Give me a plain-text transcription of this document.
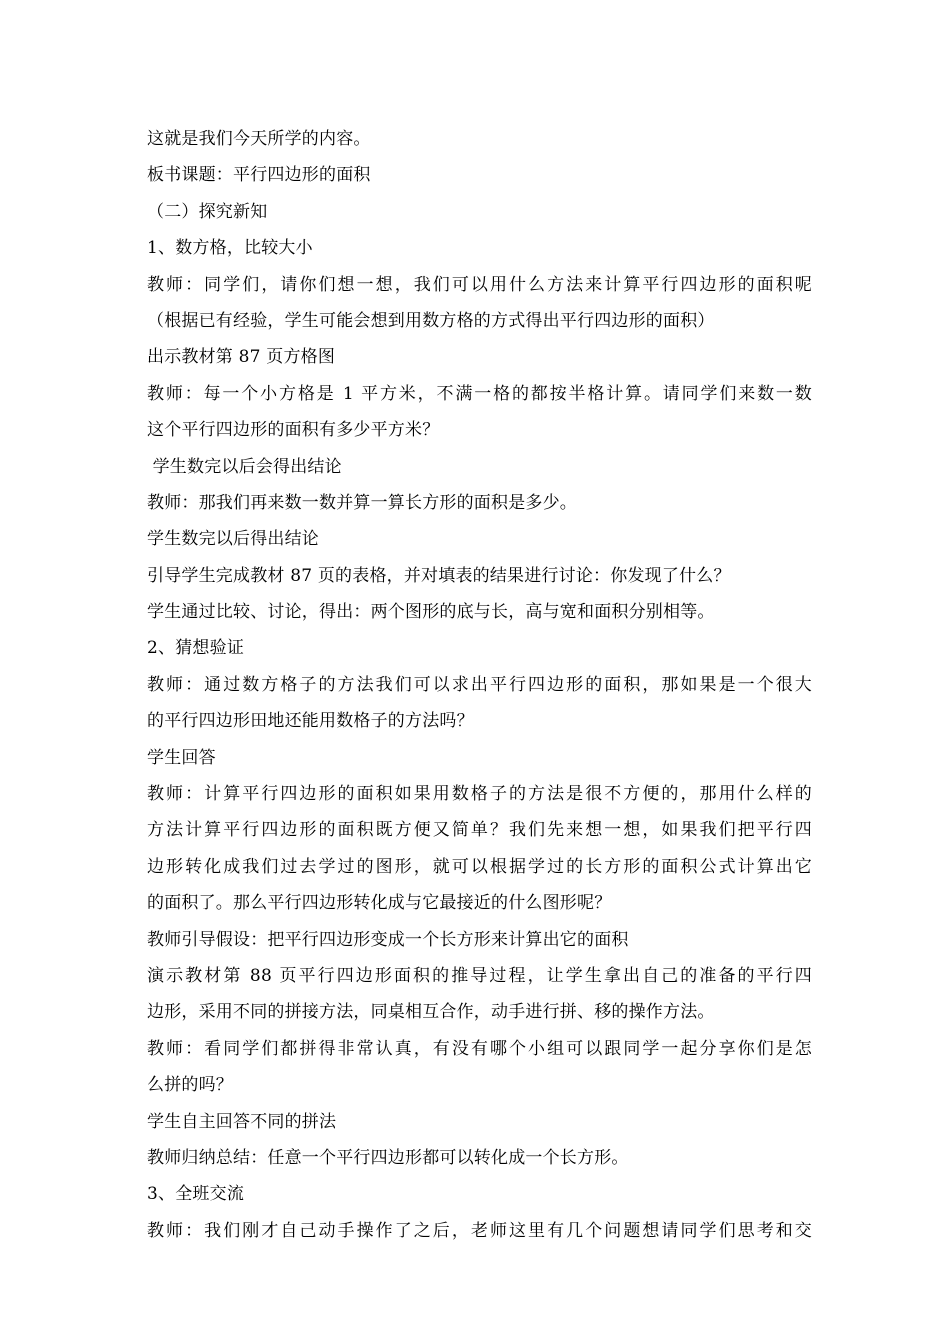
这就是我们今天所学的内容。
板书课题：平行四边形的面积
（二）探究新知
1、数方格，比较大小
教师：同学们，请你们想一想，我们可以用什么方法来计算平行四边形的面积呢
（根据已有经验，学生可能会想到用数方格的方式得出平行四边形的面积）
出示教材第 87 页方格图
教师：每一个小方格是 1 平方米，不满一格的都按半格计算。请同学们来数一数
这个平行四边形的面积有多少平方米？
学生数完以后会得出结论
教师：那我们再来数一数并算一算长方形的面积是多少。
学生数完以后得出结论
引导学生完成教材 87 页的表格，并对填表的结果进行讨论：你发现了什么？
学生通过比较、讨论，得出：两个图形的底与长，高与宽和面积分别相等。
2、猜想验证
教师：通过数方格子的方法我们可以求出平行四边形的面积，那如果是一个很大
的平行四边形田地还能用数格子的方法吗？
学生回答
教师：计算平行四边形的面积如果用数格子的方法是很不方便的，那用什么样的
方法计算平行四边形的面积既方便又简单？我们先来想一想，如果我们把平行四
边形转化成我们过去学过的图形，就可以根据学过的长方形的面积公式计算出它
的面积了。那么平行四边形转化成与它最接近的什么图形呢？
教师引导假设：把平行四边形变成一个长方形来计算出它的面积
演示教材第 88 页平行四边形面积的推导过程，让学生拿出自己的准备的平行四
边形，采用不同的拼接方法，同桌相互合作，动手进行拼、移的操作方法。
教师：看同学们都拼得非常认真，有没有哪个小组可以跟同学一起分享你们是怎
么拼的吗？
学生自主回答不同的拼法
教师归纳总结：任意一个平行四边形都可以转化成一个长方形。
3、全班交流
教师：我们刚才自己动手操作了之后，老师这里有几个问题想请同学们思考和交
